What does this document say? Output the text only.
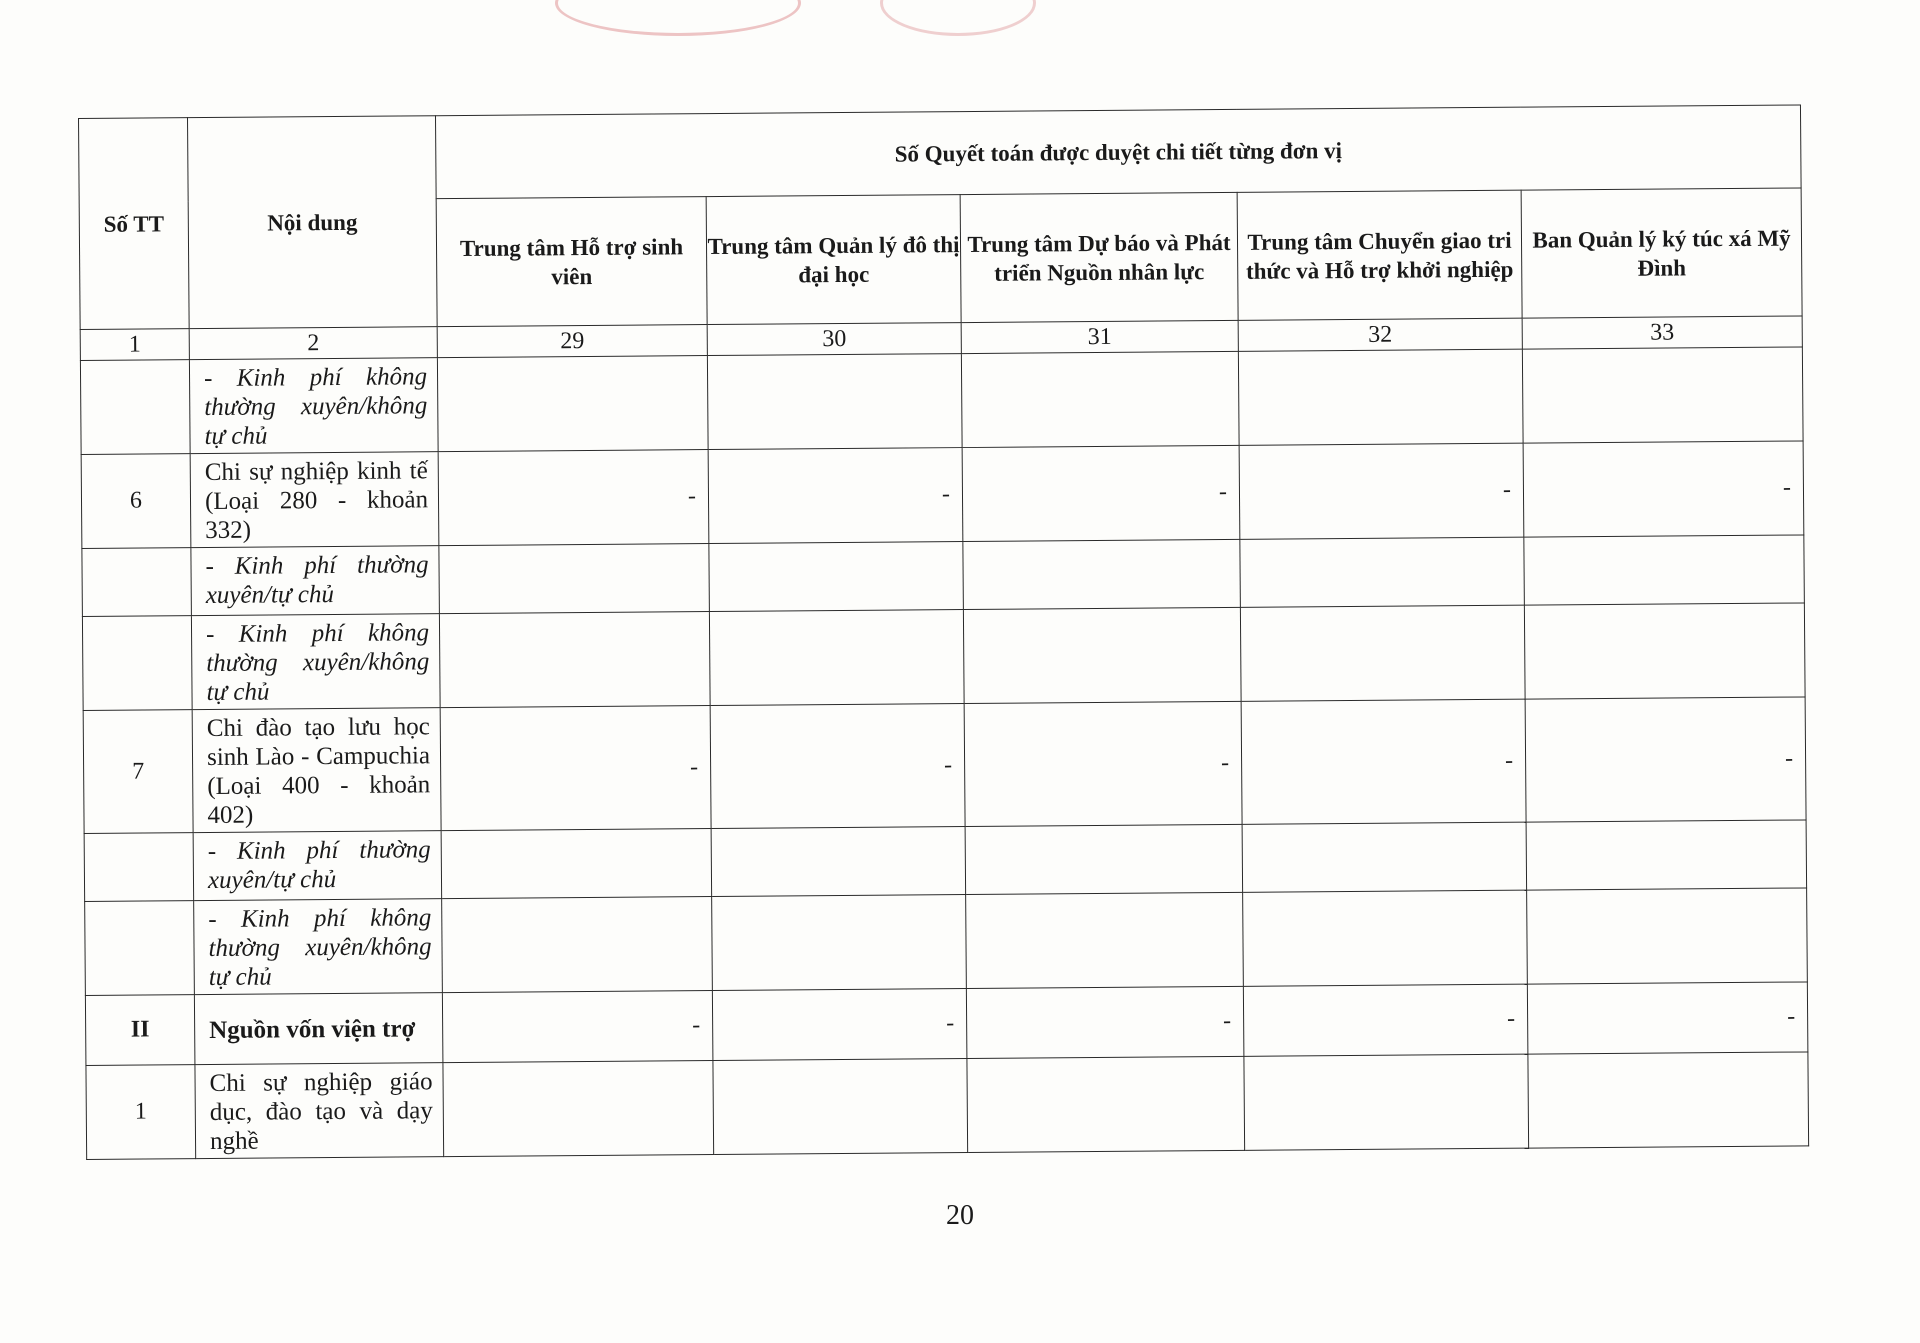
Số TT	Nội dung	Số Quyết toán được duyệt chi tiết từng đơn vị				
		Trung tâm Hỗ trợ sinh viên	Trung tâm Quản lý đô thị đại học	Trung tâm Dự báo và Phát triển Nguồn nhân lực	Trung tâm Chuyển giao tri thức và Hỗ trợ khởi nghiệp	Ban Quản lý ký túc xá Mỹ Đình
1	2	29	30	31	32	33
	- Kinh phí không thường xuyên/không tự chủ					
6	Chi sự nghiệp kinh tế (Loại 280 - khoản 332)	-	-	-	-	-
	- Kinh phí thường xuyên/tự chủ					
	- Kinh phí không thường xuyên/không tự chủ					
7	Chi đào tạo lưu học sinh Lào - Campuchia (Loại 400 - khoản 402)	-	-	-	-	-
	- Kinh phí thường xuyên/tự chủ					
	- Kinh phí không thường xuyên/không tự chủ					
II	Nguồn vốn viện trợ	-	-	-	-	-
1	Chi sự nghiệp giáo dục, đào tạo và dạy nghề					
20
